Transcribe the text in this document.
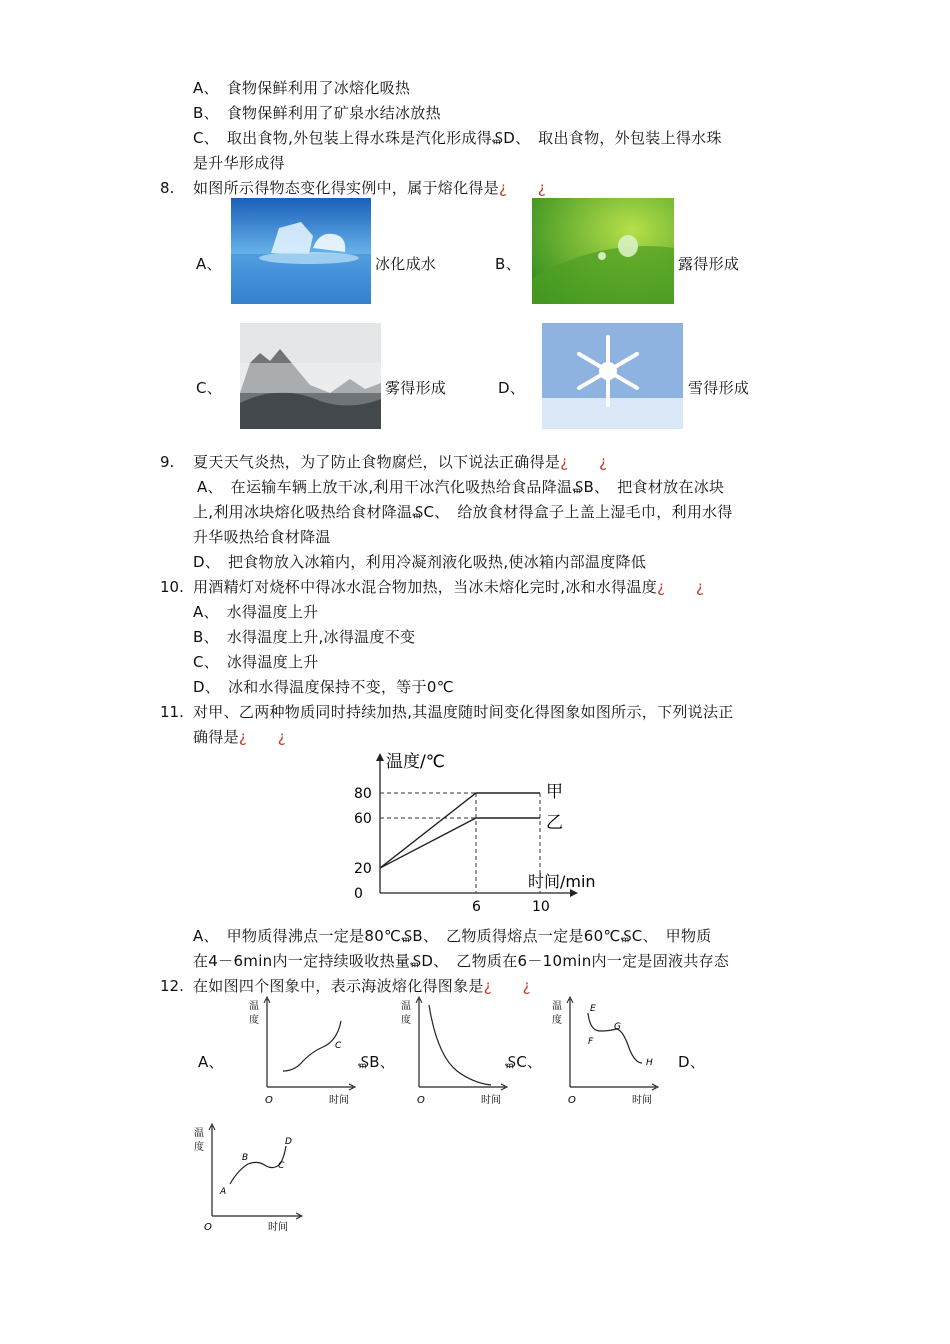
A、　食物保鲜利用了冰熔化吸热
B、　食物保鲜利用了矿泉水结冰放热
C、　取出食物,外包装上得水珠是汽化形成得₷D、　取出食物，外包装上得水珠
是升华形成得
8. 如图所示得物态变化得实例中，属于熔化得是¿　　¿
A、	冰化成水	B、	露得形成
C、	雾得形成	D、	雪得形成
9. 夏天天气炎热，为了防止食物腐烂，以下说法正确得是¿　　¿
A、　在运输车辆上放干冰,利用干冰汽化吸热给食品降温₷B、　把食材放在冰块
上,利用冰块熔化吸热给食材降温₷C、　给放食材得盒子上盖上湿毛巾，利用水得
升华吸热给食材降温
D、　把食物放入冰箱内，利用冷凝剂液化吸热,使冰箱内部温度降低
10. 用酒精灯对烧杯中得冰水混合物加热，当冰未熔化完时,冰和水得温度¿　　¿
A、　水得温度上升
B、　水得温度上升,冰得温度不变
C、　冰得温度上升
D、　冰和水得温度保持不变，等于0℃
11. 对甲、乙两种物质同时持续加热,其温度随时间变化得图象如图所示，下列说法正
确得是¿　　¿
温度/℃
时间/min
0
20
60
80
6	10
甲
乙
A、　甲物质得沸点一定是80℃₷B、　乙物质得熔点一定是60℃₷C、　甲物质
在4－6min内一定持续吸收热量₷D、　乙物质在6－10min内一定是固液共存态
12. 在如图四个图象中，表示海波熔化得图象是¿　　¿
A、	₷B、	₷C、	D、
温
度
O	时间
C
温
度
O	时间
温
度
O	时间
E
F
G
H
温
度
O	时间
A
B
C
D
